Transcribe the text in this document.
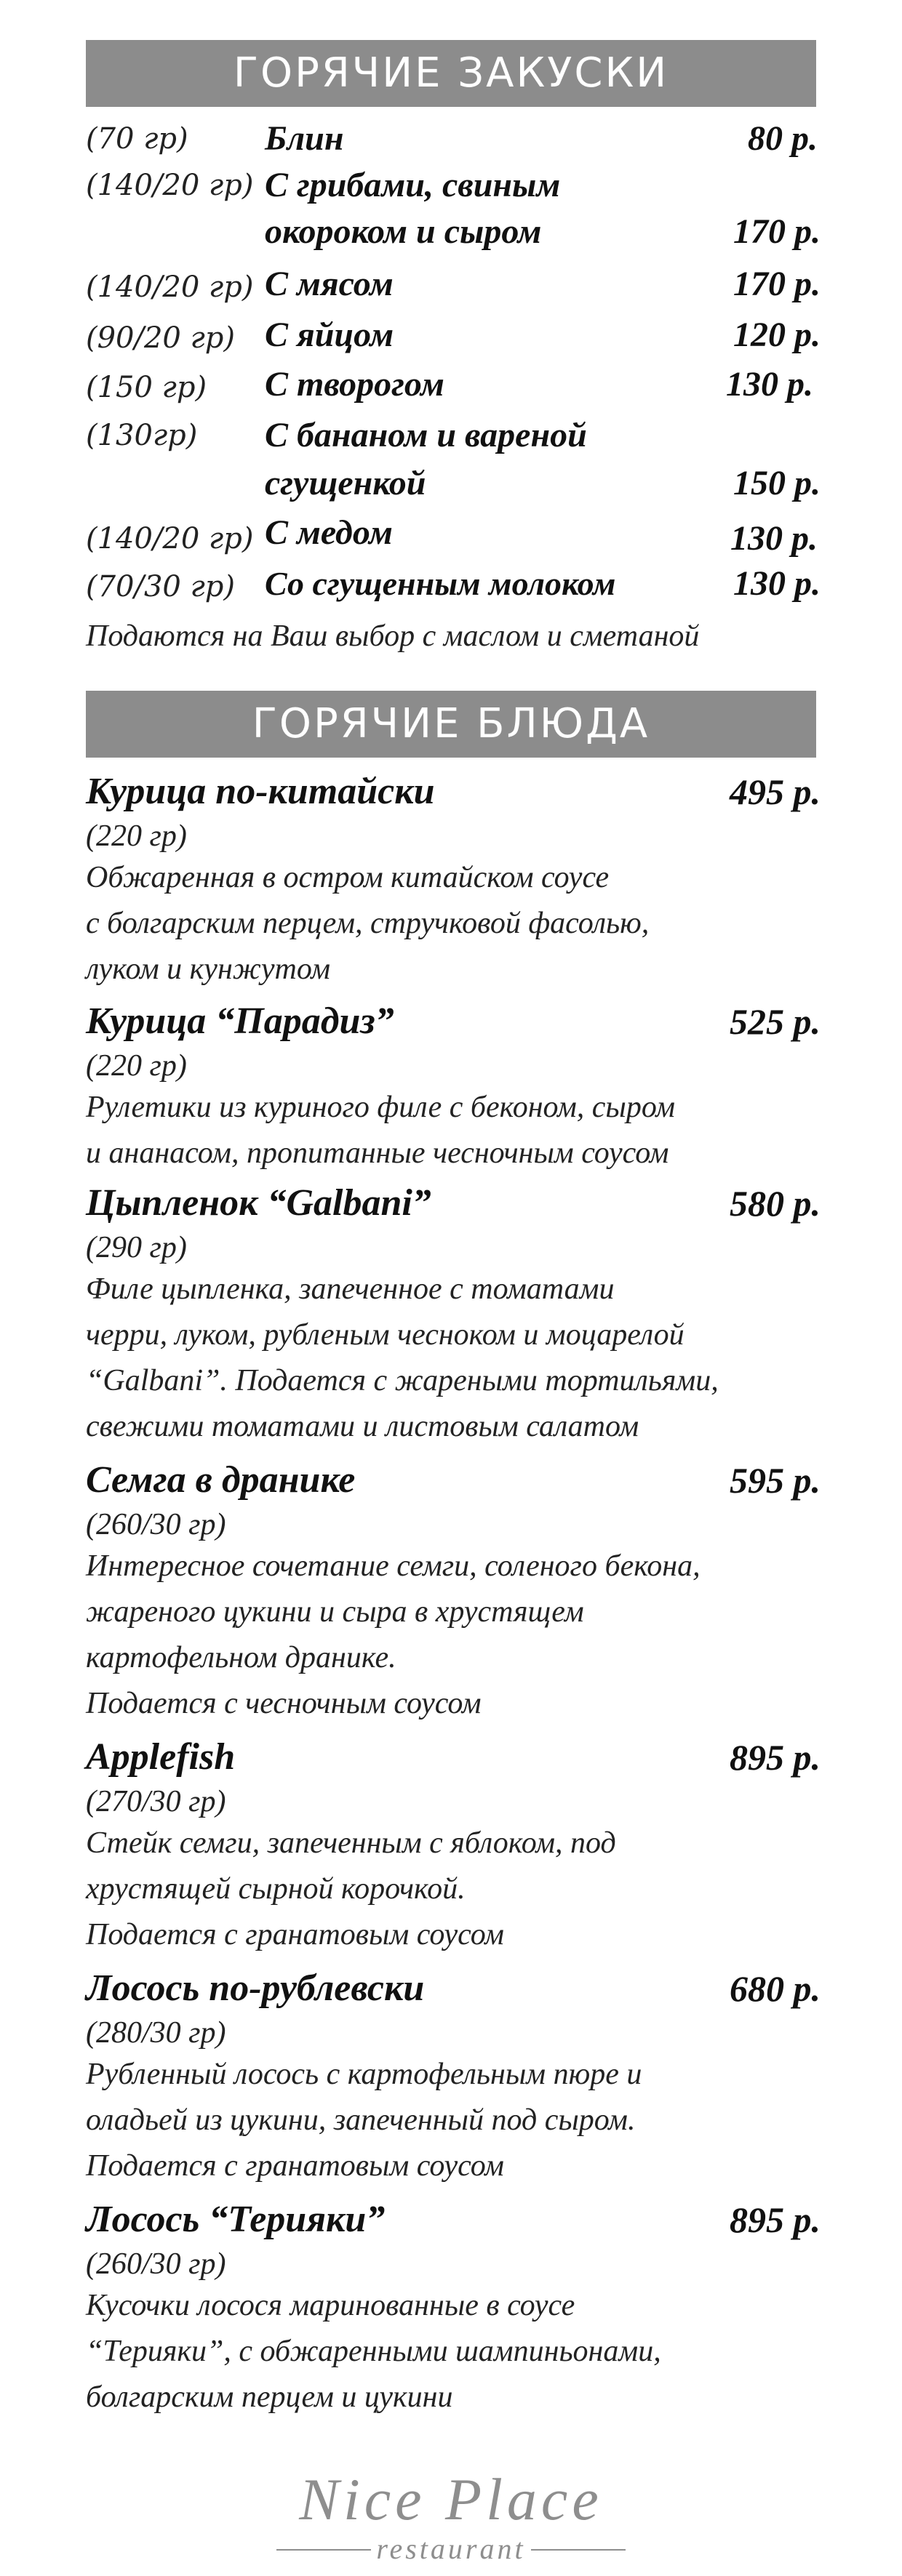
ГОРЯЧИЕ ЗАКУСКИ
(70 гр) Блин	80 р.
(140/20 гр) С грибами, свиным
окороком и сыром	170 р.
(140/20 гр) С мясом	170 р.
(90/20 гр) С яйцом	120 р.
(150 гр) С творогом	130 р.
(130гр) С бананом и вареной
сгущенкой	150 р.
(140/20 гр) С медом	130 р.
(70/30 гр) Со сгущенным молоком	130 р.
Подаются на Ваш выбор с маслом и сметаной
ГОРЯЧИЕ БЛЮДА
Курица по-китайски	495 р.
(220 гр)
Обжаренная в остром китайском соусе
с болгарским перцем, стручковой фасолью,
луком и кунжутом
Курица “Парадиз”	525 р.
(220 гр)
Рулетики из куриного филе с беконом, сыром
и ананасом, пропитанные чесночным соусом
Цыпленок “Galbani”	580 р.
(290 гр)
Филе цыпленка, запеченное с томатами
черри, луком, рубленым чесноком и моцарелой
“Galbani”. Подается с жареными тортильями,
свежими томатами и листовым салатом
Семга в дранике	595 р.
(260/30 гр)
Интересное сочетание семги, соленого бекона,
жареного цукини и сыра в хрустящем
картофельном дранике.
Подается с чесночным соусом
Applefish	895 р.
(270/30 гр)
Стейк семги, запеченным с яблоком, под
хрустящей сырной корочкой.
Подается с гранатовым соусом
Лосось по-рублевски	680 р.
(280/30 гр)
Рубленный лосось с картофельным пюре и
оладьей из цукини, запеченный под сыром.
Подается с гранатовым соусом
Лосось “Терияки”	895 р.
(260/30 гр)
Кусочки лосося маринованные в соусе
“Терияки”, с обжаренными шампиньонами,
болгарским перцем и цукини
Nice Place
restaurant
